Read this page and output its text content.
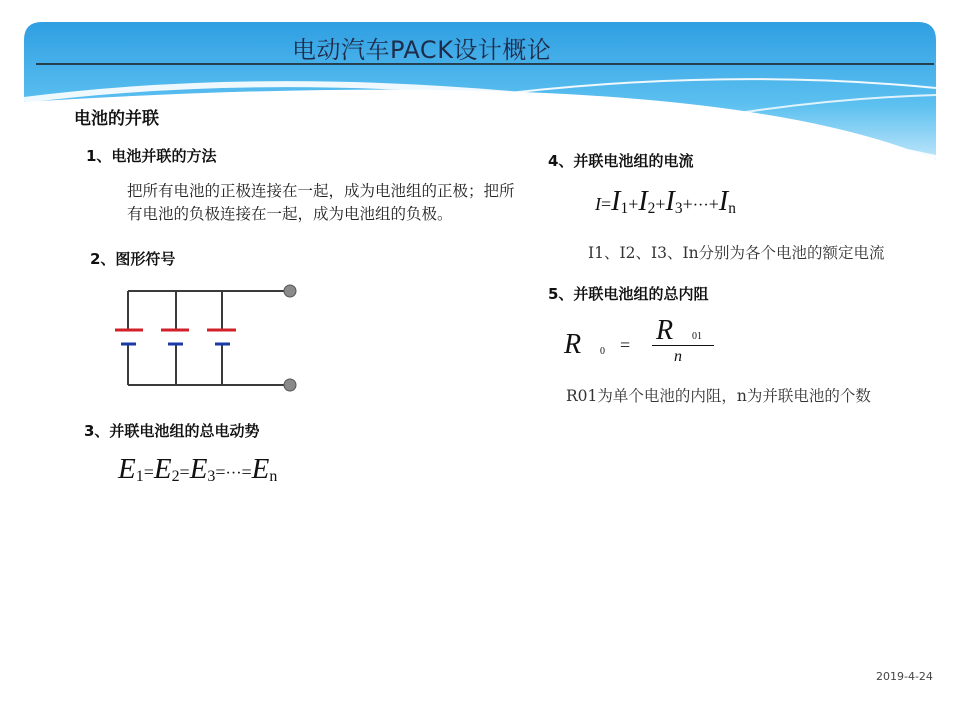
电动汽车PACK设计概论
电池的并联
1、电池并联的方法
把所有电池的正极连接在一起，成为电池组的正极；把所有电池的负极连接在一起，成为电池组的负极。
2、图形符号
3、并联电池组的总电动势
$E_1=E_2=E_3=\cdot\cdot\cdot=E_n$
4、并联电池组的电流
$I=I_1+I_2+I_3+\cdot\cdot\cdot+I_n$
I1、I2、I3、In分别为各个电池的额定电流
5、并联电池组的总内阻
R 0 = R 01
n
R01为单个电池的内阻，n为并联电池的个数
2019-4-24
